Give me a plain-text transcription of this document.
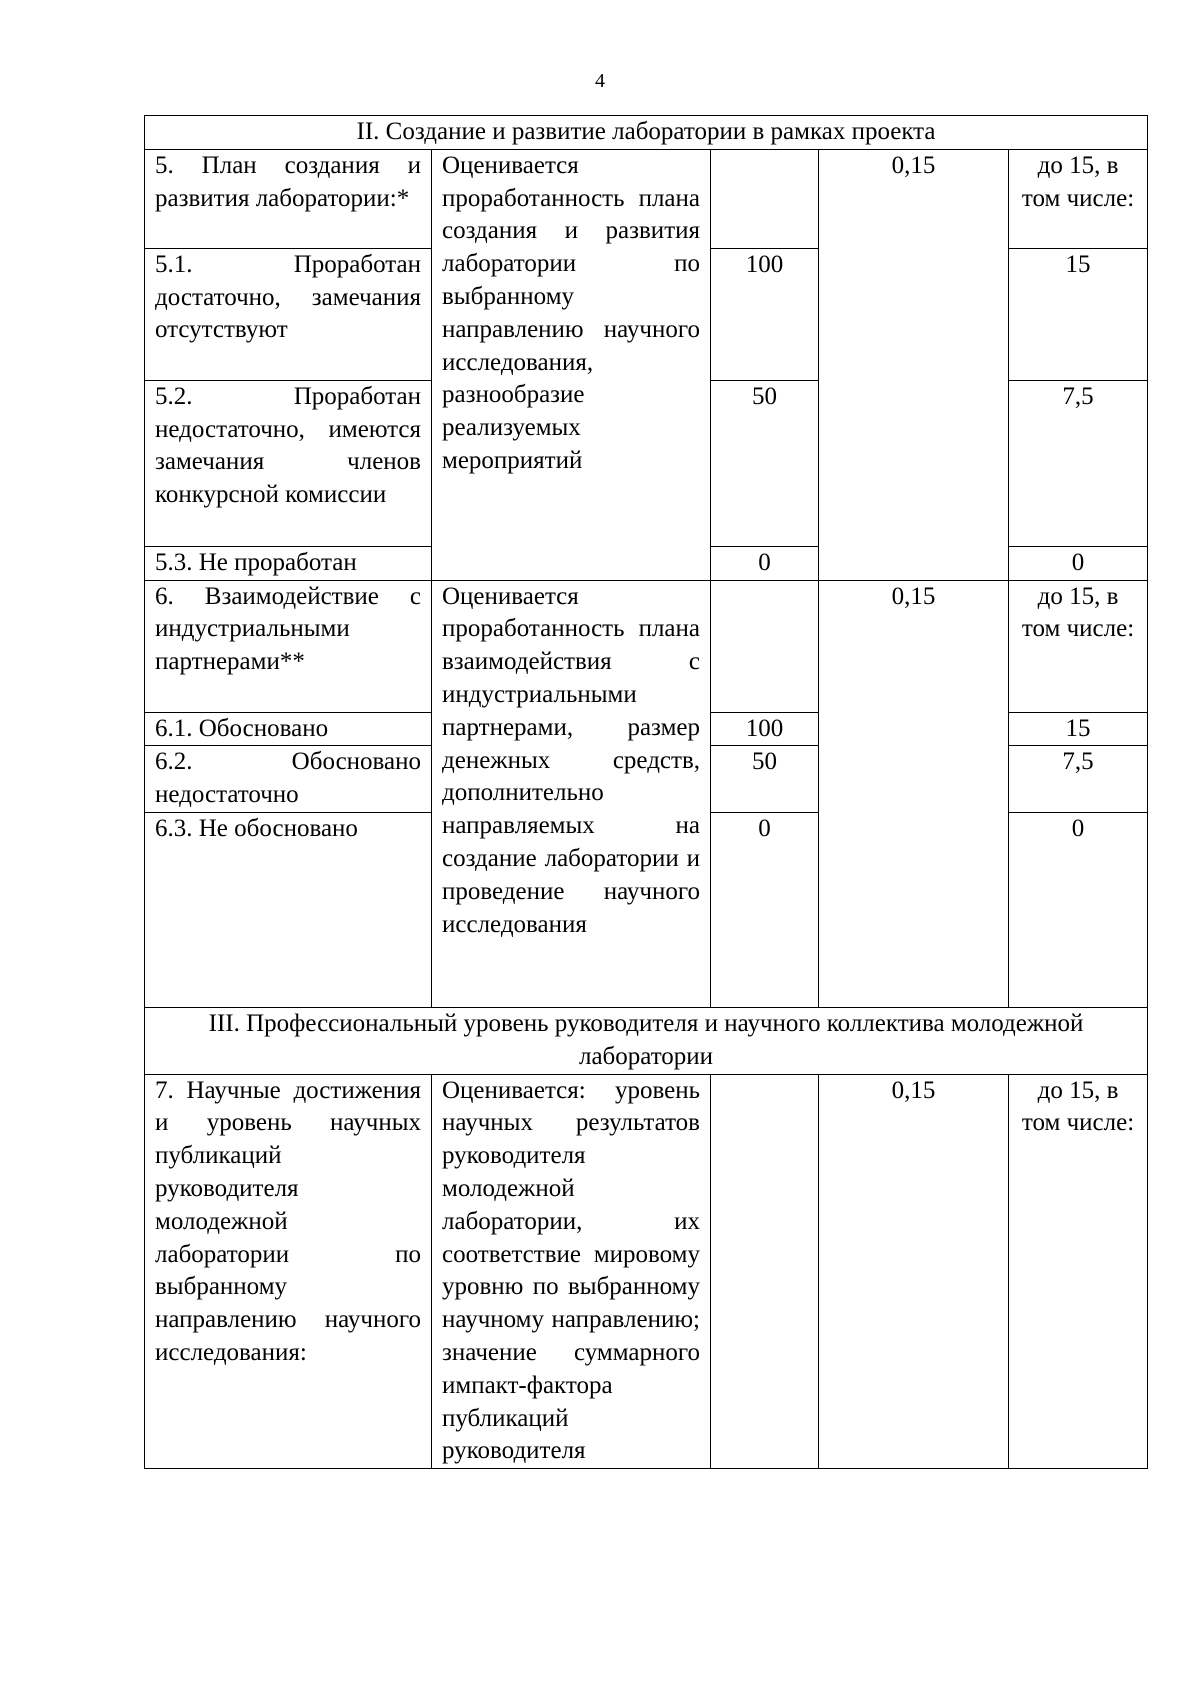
4
II. Создание и развитие лаборатории в рамках проекта				
5. План создания и развития лаборатории:*	Оценивается проработанность плана создания и развития лаборатории по выбранному направлению научного исследования, разнообразие реализуемых мероприятий		0,15	до 15, в том числе:
5.1. Проработан достаточно, замечания отсутствуют		100		15
5.2. Проработан недостаточно, имеются замечания членов конкурсной комиссии		50		7,5
5.3. Не проработан		0		0
6. Взаимодействие с индустриальными партнерами**	Оценивается проработанность плана взаимодействия с индустриальными партнерами, размер денежных средств, дополнительно направляемых на создание лаборатории и проведение научного исследования		0,15	до 15, в том числе:
6.1. Обосновано		100		15
6.2. Обосновано недостаточно		50		7,5
6.3. Не обосновано		0		0
III. Профессиональный уровень руководителя и научного коллектива молодежной лаборатории				
7. Научные достижения и уровень научных публикаций руководителя молодежной лаборатории по выбранному направлению научного исследования:	Оценивается: уровень научных результатов руководителя молодежной лаборатории, их соответствие мировому уровню по выбранному научному направлению; значение суммарного импакт-фактора публикаций руководителя		0,15	до 15, в том числе:
